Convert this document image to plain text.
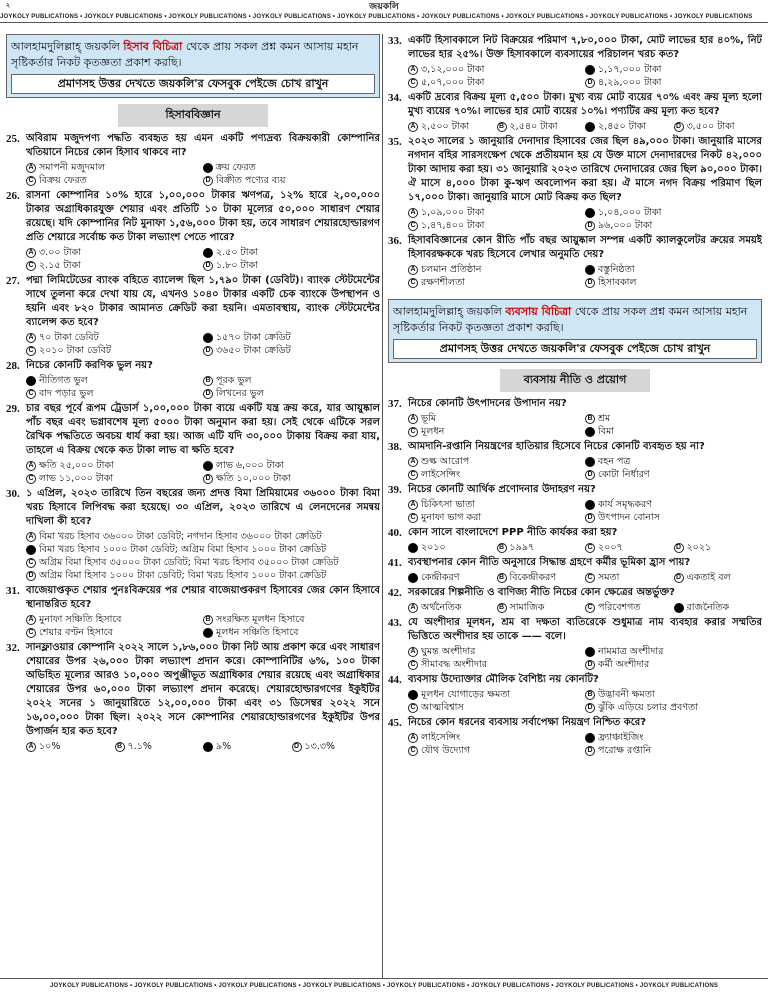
২	জয়কলি
JOYKOLY PUBLICATIONS • JOYKOLY PUBLICATIONS • JOYKOLY PUBLICATIONS • JOYKOLY PUBLICATIONS • JOYKOLY PUBLICATIONS • JOYKOLY PUBLICATIONS • JOYKOLY PUBLICATIONS • JOYKOLY PUBLICATIONS • JOYKOLY PUBLICATIONS
আলহামদুলিল্লাহ্ জয়কলি হিসাব বিচিত্রা থেকে প্রায় সকল প্রশ্ন কমন আসায় মহান সৃষ্টিকর্তার নিকট কৃতজ্ঞতা প্রকাশ করছি।
প্রমাণসহ উত্তর দেখতে জয়কলি'র ফেসবুক পেইজে চোখ রাখুন
হিসাববিজ্ঞান
25. অবিরাম মজুদপণ্য পদ্ধতি ব্যবহৃত হয় এমন একটি পণ্যদ্রব্য বিক্রয়কারী কোম্পানির খতিয়ানে নিচের কোন হিসাব থাকবে না?
A সমাপনী মজুদমাল	ক্রয় ফেরত
C বিক্রয় ফেরত	D বিক্রীত পণ্যের ব্যয়
26. রাসনা কোম্পানির ১০% হারে ১,০০,০০০ টাকার ঋণপত্র, ১২% হারে ২,০০,০০০ টাকার অগ্রাধিকারযুক্ত শেয়ার এবং প্রতিটি ১০ টাকা মূল্যের ৫০,০০০ সাধারণ শেয়ার রয়েছে। যদি কোম্পানির নিট মুনাফা ১,৫৬,০০০ টাকা হয়, তবে সাধারণ শেয়ারহোল্ডারগণ প্রতি শেয়ারে সর্বোচ্চ কত টাকা লভ্যাংশ পেতে পারে?
A ৩.০০ টাকা	২.৫০ টাকা
C ২.১৫ টাকা	D ১.৮০ টাকা
27. পদ্মা লিমিটেডের ব্যাংক বহিতে ব্যালেন্স ছিল ১,৭৯০ টাকা (ডেবিট)। ব্যাংক স্টেটমেন্টের সাথে তুলনা করে দেখা যায় যে, এখনও ১০৪০ টাকার একটি চেক ব্যাংকে উপস্থাপন ও হয়নি এবং ৮২০ টাকার আমানত ক্রেডিট করা হয়নি। এমতাবস্থায়, ব্যাংক স্টেটমেন্টের ব্যালেন্স কত হবে?
A ৭০ টাকা ডেবিট	১৫৭০ টাকা ক্রেডিট
C ২০১০ টাকা ডেবিট	D ৩৬৫০ টাকা ক্রেডিট
28. নিচের কোনটি করণিক ভুল নয়?
নীতিগত ভুল	B পূরক ভুল
C বাদ পড়ার ভুল	D লিখনের ভুল
29. চার বছর পূর্বে রূপম ট্রেডার্স ১,০০,০০০ টাকা ব্যয়ে একটি যন্ত্র ক্রয় করে, যার আয়ুষ্কাল পাঁচ বছর এবং ভগ্নাবশেষ মূল্য ৫০০০ টাকা অনুমান করা হয়। সেই থেকে এটিকে সরল রৈখিক পদ্ধতিতে অবচয় ধার্য করা হয়। আজ এটি যদি ৩০,০০০ টাকায় বিক্রয় করা যায়, তাহলে এ বিক্রয় থেকে কত টাকা লাভ বা ক্ষতি হবে?
A ক্ষতি ২৫,০০০ টাকা	লাভ ৬,০০০ টাকা
C লাভ ১১,০০০ টাকা	D ক্ষতি ১০,০০০ টাকা
30. ১ এপ্রিল, ২০২৩ তারিখে তিন বছরের জন্য প্রদত্ত বিমা প্রিমিয়ামের ৩৬০০০ টাকা বিমা খরচ হিসাবে লিপিবদ্ধ করা হয়েছে। ৩০ এপ্রিল, ২০২৩ তারিখে এ লেনদেনের সমন্বয় দাখিলা কী হবে?
A বিমা খরচ হিসাব ৩৬০০০ টাকা ডেবিট; নগদান হিসাব ৩৬০০০ টাকা ক্রেডিট
বিমা খরচ হিসাব ১০০০ টাকা ডেবিট; অগ্রিম বিমা হিসাব ১০০০ টাকা ক্রেডিট
C অগ্রিম বিমা হিসাব ৩৫০০০ টাকা ডেবিট; বিমা খরচ হিসাব ৩৫০০০ টাকা ক্রেডিট
D অগ্রিম বিমা হিসাব ১০০০ টাকা ডেবিট; বিমা খরচ হিসাব ১০০০ টাকা ক্রেডিট
31. বাজেয়াপ্তকৃত শেয়ার পুনঃবিক্রয়ের পর শেয়ার বাজেয়াপ্তকরণ হিসাবের জের কোন হিসাবে স্থানান্তরিত হবে?
A মুনাফা সঞ্চিতি হিসাবে	B সংরক্ষিত মূলধন হিসাবে
C শেয়ার বণ্টন হিসাবে	মূলধন সঞ্চিতি হিসাবে
32. সানফ্লাওয়ার কোম্পানি ২০২২ সালে ১,৮৬,০০০ টাকা নিট আয় প্রকাশ করে এবং সাধারণ শেয়ারের উপর ২৬,০০০ টাকা লভ্যাংশ প্রদান করে। কোম্পানিটির ৬%, ১০০ টাকা অভিহিত মূল্যের আরও ১০,০০০ অপুঞ্জীভূত অগ্রাধিকার শেয়ার রয়েছে এবং অগ্রাধিকার শেয়ারের উপর ৬০,০০০ টাকা লভ্যাংশ প্রদান করেছে। শেয়ারহোল্ডারগণের ইকুইটির ২০২২ সনের ১ জানুয়ারিতে ১২,০০,০০০ টাকা এবং ৩১ ডিসেম্বর ২০২২ সনে ১৬,০০,০০০ টাকা ছিল। ২০২২ সনে কোম্পানির শেয়ারহোল্ডারগণের ইকুইটির উপর উপার্জন হার কত হবে?
A ১০%	B ৭.১%	৯%	D ১৩.৩%
33. একটি হিসাবকালে নিট বিক্রয়ের পরিমাণ ৭,৮০,০০০ টাকা, মোট লাভের হার ৪০%, নিট লাভের হার ২৫%। উক্ত হিসাবকালে ব্যবসায়ের পরিচালন খরচ কত?
A ৩,১২,০০০ টাকা	১,১৭,০০০ টাকা
C ৫,০৭,০০০ টাকা	D ৪,২৯,০০০ টাকা
34. একটি দ্রব্যের বিক্রয় মূল্য ৫,৫০০ টাকা। মুখ্য ব্যয় মোট ব্যয়ের ৭০% এবং ক্রয় মূল্য হলো মুখ্য ব্যয়ের ৭০%। লাভের হার মোট ব্যয়ের ১০%। পণ্যটির ক্রয় মূল্য কত হবে?
A ২,৫০০ টাকা	B ২,৫৪০ টাকা	২,৪৫০ টাকা	D ৩,৫০০ টাকা
35. ২০২৩ সালের ১ জানুয়ারি দেনাদার হিসাবের জের ছিল ৪৯,০০০ টাকা। জানুয়ারি মাসের নগদান বহির সারসংক্ষেপ থেকে প্রতীয়মান হয় যে উক্ত মাসে দেনাদারদের নিকট ৪২,০০০ টাকা আদায় করা হয়। ৩১ জানুয়ারি ২০২৩ তারিখে দেনাদারের জের ছিল ৯০,০০০ টাকা। ঐ মাসে ৪,০০০ টাকা কু-ঋণ অবলোপন করা হয়। ঐ মাসে নগদ বিক্রয় পরিমাণ ছিল ১৭,০০০ টাকা। জানুয়ারি মাসে মোট বিক্রয় কত ছিল?
A ১,০৯,০০০ টাকা	১,০৪,০০০ টাকা
C ১,৪৭,৪০০ টাকা	D ৯৬,০০০ টাকা
36. হিসাববিজ্ঞানের কোন রীতি পাঁচ বছর আয়ুষ্কাল সম্পন্ন একটি ক্যালকুলেটর ক্রয়ের সময়ই হিসাবরক্ষককে খরচ হিসেবে লেখার অনুমতি দেয়?
A চলমান প্রতিষ্ঠান	বস্তুনিষ্ঠতা
C রক্ষণশীলতা	D হিসাবকাল
আলহামদুলিল্লাহ্ জয়কলি ব্যবসায় বিচিত্রা থেকে প্রায় সকল প্রশ্ন কমন আসায় মহান সৃষ্টিকর্তার নিকট কৃতজ্ঞতা প্রকাশ করছি।
প্রমাণসহ উত্তর দেখতে জয়কলি'র ফেসবুক পেইজে চোখ রাখুন
ব্যবসায় নীতি ও প্রয়োগ
37. নিচের কোনটি উৎপাদনের উপাদান নয়?
A ভূমি	B শ্রম
C মূলধন	বিমা
38. আমদানি-রপ্তানি নিয়ন্ত্রণের হাতিয়ার হিসেবে নিচের কোনটি ব্যবহৃত হয় না?
A শুল্ক আরোপ	বহন পত্র
C লাইসেন্সিং	D কোটা নির্ধারণ
39. নিচের কোনটি আর্থিক প্রণোদনার উদাহরণ নয়?
A চিকিৎসা ভাতা	কার্য সমৃদ্ধকরণ
C মুনাফা ভাগ করা	D উৎপাদন বোনাস
40. কোন সালে বাংলাদেশে PPP নীতি কার্যকর করা হয়?
২০১০	B ১৯৯৭	C ২০০৭	D ২০২১
41. ব্যবস্থাপনার কোন নীতি অনুসারে সিদ্ধান্ত গ্রহণে কর্মীর ভূমিকা হ্রাস পায়?
কেন্দ্রীকরণ	B বিকেন্দ্রীকরণ	C সমতা	D একতাই বল
42. সরকারের শিল্পনীতি ও বাণিজ্য নীতি নিচের কোন ক্ষেত্রের অন্তর্ভুক্ত?
A অর্থনৈতিক	B সামাজিক	C পরিবেশগত	রাজনৈতিক
43. যে অংশীদার মূলধন, শ্রম বা দক্ষতা ব্যতিরেকে শুধুমাত্র নাম ব্যবহার করার সম্মতির ভিত্তিতে অংশীদার হয় তাকে —— বলে।
A ঘুমন্ত অংশীদার	নামমাত্র অংশীদার
C সীমাবদ্ধ অংশীদার	D কর্মী অংশীদার
44. ব্যবসায় উদ্যোক্তার মৌলিক বৈশিষ্ট্য নয় কোনটি?
মূলধন যোগাড়ের ক্ষমতা	B উদ্ভাবনী ক্ষমতা
C আত্মবিশ্বাস	D ঝুঁকি এড়িয়ে চলার প্রবণতা
45. নিচের কোন ধরনের ব্যবসায় সর্বাপেক্ষা নিয়ন্ত্রণ নিশ্চিত করে?
A লাইসেন্সিং	ফ্র্যাঞ্চাইজিং
C যৌথ উদ্যোগ	D পরোক্ষ রপ্তানি
JOYKOLY PUBLICATIONS • JOYKOLY PUBLICATIONS • JOYKOLY PUBLICATIONS • JOYKOLY PUBLICATIONS • JOYKOLY PUBLICATIONS • JOYKOLY PUBLICATIONS • JOYKOLY PUBLICATIONS • JOYKOLY PUBLICATIONS
